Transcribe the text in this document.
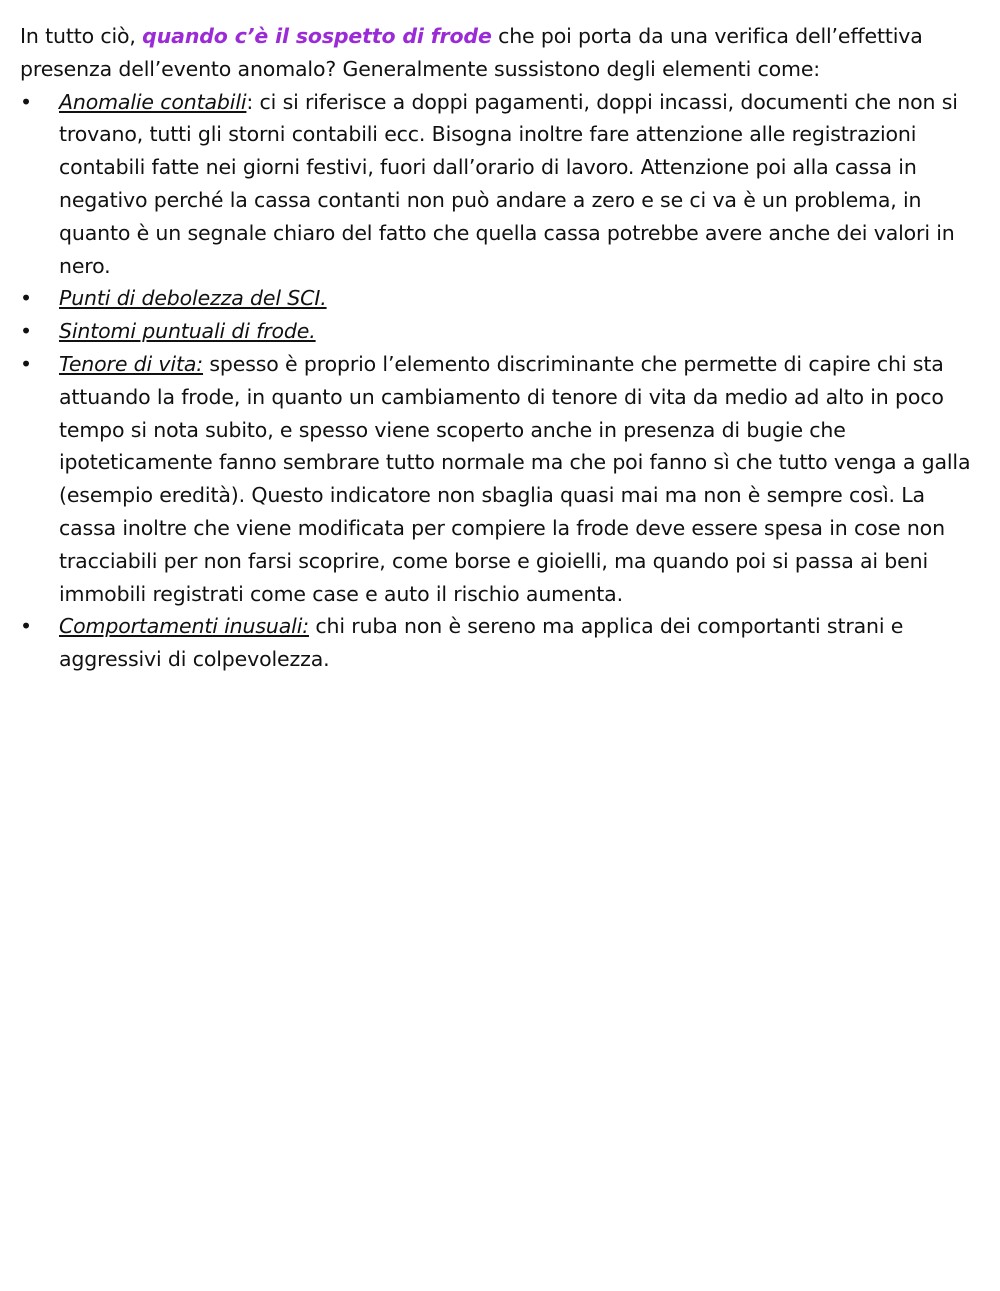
In tutto ciò, quando c’è il sospetto di frode che poi porta da una verifica dell’effettiva presenza dell’evento anomalo? Generalmente sussistono degli elementi come:

•	Anomalie contabili: ci si riferisce a doppi pagamenti, doppi incassi, documenti che non si trovano, tutti gli storni contabili ecc. Bisogna inoltre fare attenzione alle registrazioni contabili fatte nei giorni festivi, fuori dall’orario di lavoro. Attenzione poi alla cassa in negativo perché la cassa contanti non può andare a zero e se ci va è un problema, in quanto è un segnale chiaro del fatto che quella cassa potrebbe avere anche dei valori in nero.
•	Punti di debolezza del SCI.
•	Sintomi puntuali di frode.
•	Tenore di vita: spesso è proprio l’elemento discriminante che permette di capire chi sta attuando la frode, in quanto un cambiamento di tenore di vita da medio ad alto in poco tempo si nota subito, e spesso viene scoperto anche in presenza di bugie che ipoteticamente fanno sembrare tutto normale ma che poi fanno sì che tutto venga a galla (esempio eredità). Questo indicatore non sbaglia quasi mai ma non è sempre così. La cassa inoltre che viene modificata per compiere la frode deve essere spesa in cose non tracciabili per non farsi scoprire, come borse e gioielli, ma quando poi si passa ai beni immobili registrati come case e auto il rischio aumenta.
•	Comportamenti inusuali: chi ruba non è sereno ma applica dei comportanti strani e aggressivi di colpevolezza.
